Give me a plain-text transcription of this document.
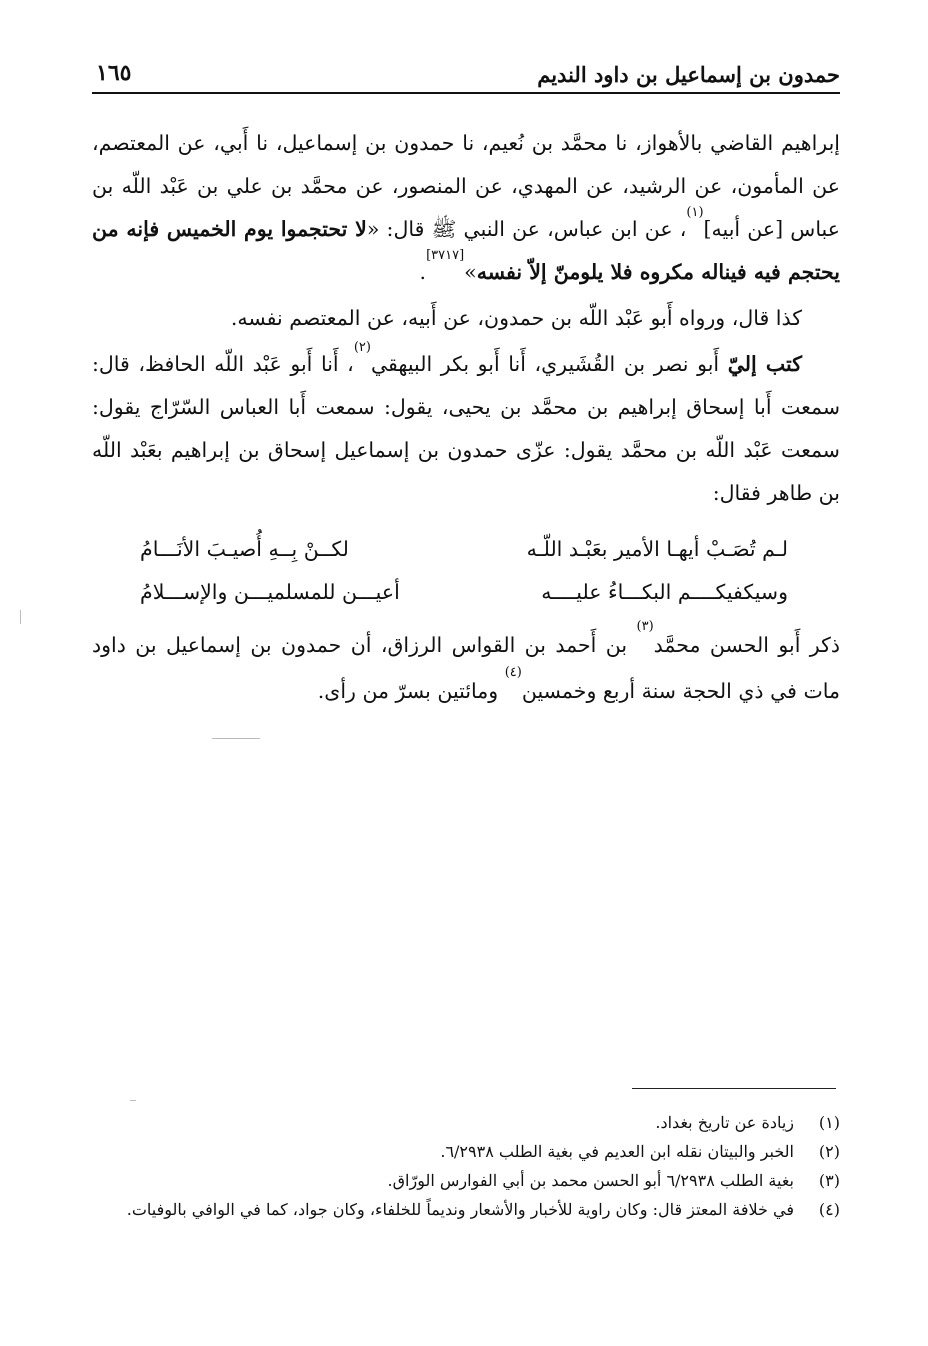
حمدون بن إسماعيل بن داود النديم
١٦٥

إبراهيم القاضي بالأهواز، نا محمَّد بن نُعيم، نا حمدون بن إسماعيل، نا أَبي، عن المعتصم، عن المأمون، عن الرشيد، عن المهدي، عن المنصور، عن محمَّد بن علي بن عَبْد اللّه بن عباس [عن أبيه]$^{(١)}$، عن ابن عباس، عن النبي ﷺ قال: «لا تحتجموا يوم الخميس فإنه من يحتجم فيه فيناله مكروه فلا يلومنّ إلاّ نفسه»[٣٧١٧].

كذا قال، ورواه أَبو عَبْد اللّه بن حمدون، عن أَبيه، عن المعتصم نفسه.

كتب إليّ أَبو نصر بن القُشَيري، أَنا أَبو بكر البيهقي$^{(٢)}$، أَنا أَبو عَبْد اللّه الحافظ، قال: سمعت أَبا إسحاق إبراهيم بن محمَّد بن يحيى، يقول: سمعت أَبا العباس السّرّاج يقول: سمعت عَبْد اللّه بن محمَّد يقول: عزّى حمدون بن إسماعيل إسحاق بن إبراهيم بعَبْد اللّه بن طاهر فقال:

لـم تُصَـبْ أيهـا الأمير بعَبْـد اللّـه
لكــنْ بِــهِ أُصيـبَ الأنَـــامُ
وسيكفيكــــم البكـــاءُ عليــــه
أعيـــن للمسلميـــن والإســـلامُ

ذكر أَبو الحسن محمَّد$^{(٣)}$ بن أَحمد بن القواس الرزاق، أن حمدون بن إسماعيل بن داود مات في ذي الحجة سنة أربع وخمسين$^{(٤)}$ ومائتين بسرّ من رأى.

(١)
زيادة عن تاريخ بغداد.
(٢)
الخبر والبيتان نقله ابن العديم في بغية الطلب ٦/٢٩٣٨.
(٣)
بغية الطلب ٦/٢٩٣٨ أبو الحسن محمد بن أبي الفوارس الورّاق.
(٤)
في خلافة المعتز قال: وكان راوية للأخبار والأشعار ونديماً للخلفاء، وكان جواد، كما في الوافي بالوفيات.
